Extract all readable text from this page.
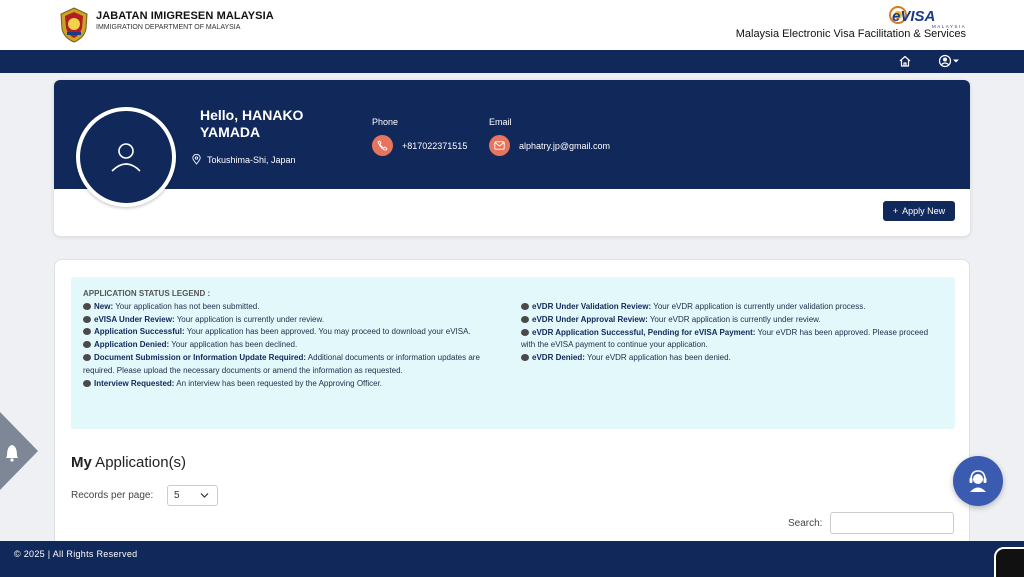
JABATAN IMIGRESEN MALAYSIA
IMMIGRATION DEPARTMENT OF MALAYSIA
eVISA
MALAYSIA
Malaysia Electronic Visa Facilitation & Services
Hello, HANAKO YAMADA
Tokushima-Shi, Japan
Phone
+817022371515
Email
alphatry.jp@gmail.com
+ Apply New
APPLICATION STATUS LEGEND :
New: Your application has not been submitted.
eVISA Under Review: Your application is currently under review.
Application Successful: Your application has been approved. You may proceed to download your eVISA.
Application Denied: Your application has been declined.
Document Submission or Information Update Required: Additional documents or information updates are required. Please upload the necessary documents or amend the information as requested.
Interview Requested: An interview has been requested by the Approving Officer.
eVDR Under Validation Review: Your eVDR application is currently under validation process.
eVDR Under Approval Review: Your eVDR application is currently under review.
eVDR Application Successful, Pending for eVISA Payment: Your eVDR has been approved. Please proceed with the eVISA payment to continue your application.
eVDR Denied: Your eVDR application has been denied.
My Application(s)
Records per page:	5
Search:
© 2025 | All Rights Reserved
